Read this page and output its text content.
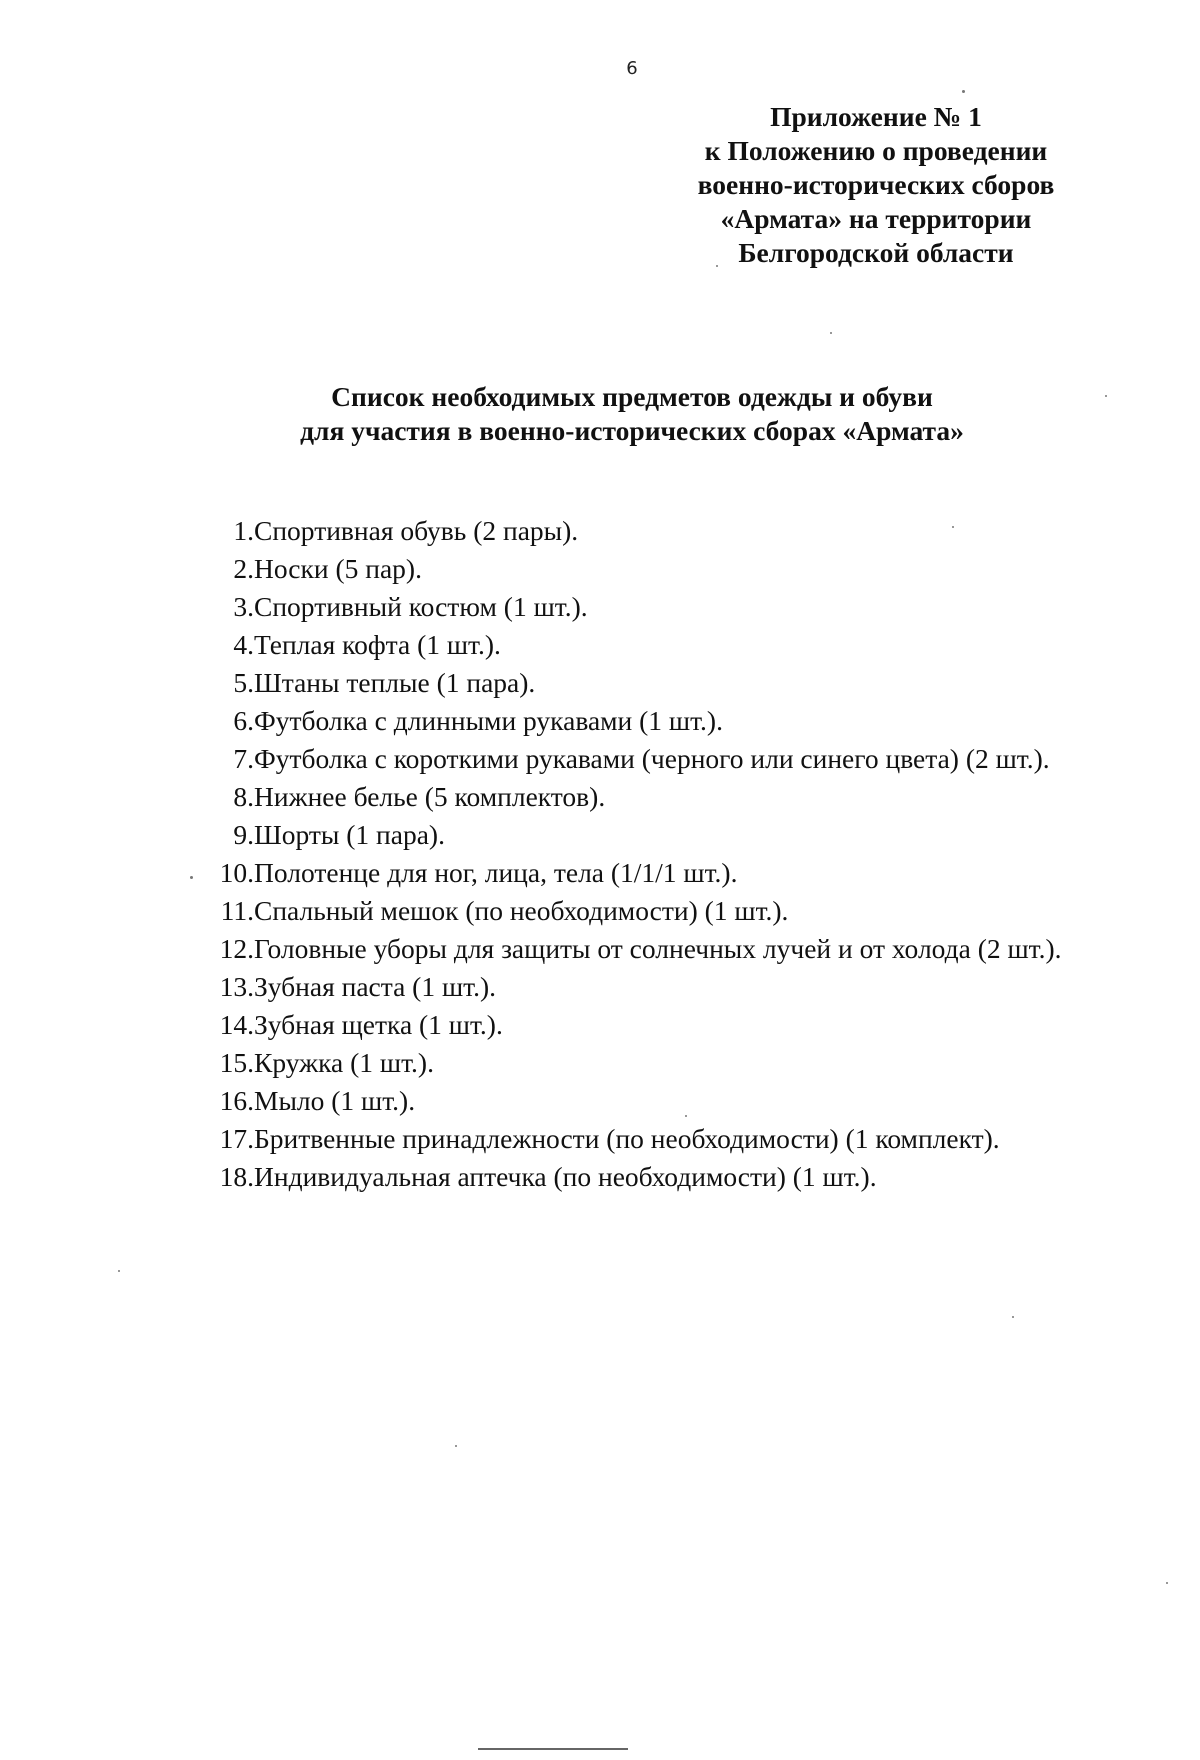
6
Приложение № 1
к Положению о проведении
военно-исторических сборов
«Армата» на территории
Белгородской области
Список необходимых предметов одежды и обуви
для участия в военно-исторических сборах «Армата»
1. Спортивная обувь (2 пары).
2. Носки (5 пар).
3. Спортивный костюм (1 шт.).
4. Теплая кофта (1 шт.).
5. Штаны теплые (1 пара).
6. Футболка с длинными рукавами (1 шт.).
7. Футболка с короткими рукавами (черного или синего цвета) (2 шт.).
8. Нижнее белье (5 комплектов).
9. Шорты (1 пара).
10. Полотенце для ног, лица, тела (1/1/1 шт.).
11. Спальный мешок (по необходимости) (1 шт.).
12. Головные уборы для защиты от солнечных лучей и от холода (2 шт.).
13. Зубная паста (1 шт.).
14. Зубная щетка (1 шт.).
15. Кружка (1 шт.).
16. Мыло (1 шт.).
17. Бритвенные принадлежности (по необходимости) (1 комплект).
18. Индивидуальная аптечка (по необходимости) (1 шт.).
